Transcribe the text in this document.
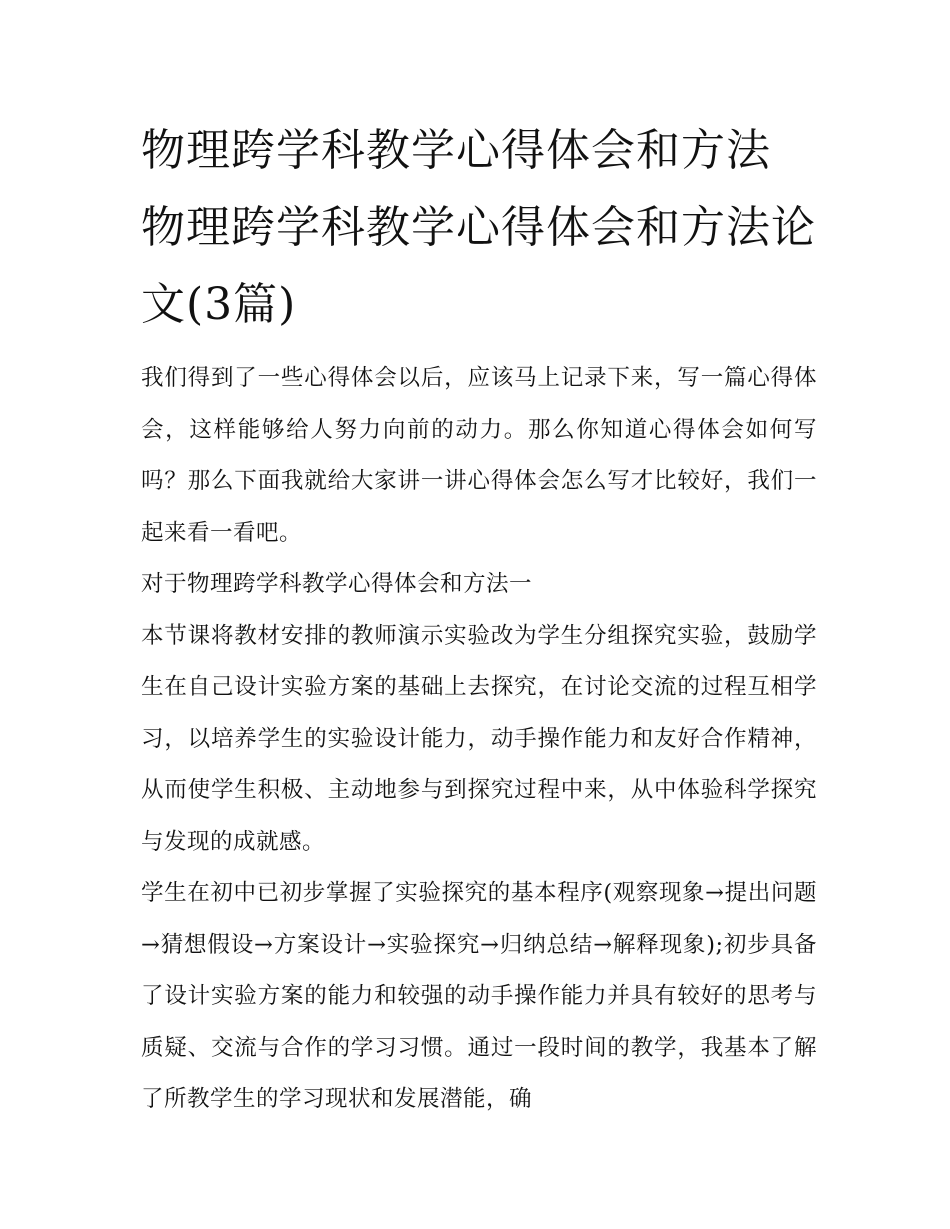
物理跨学科教学心得体会和方法 物理跨学科教学心得体会和方法论文(3篇)

我们得到了一些心得体会以后，应该马上记录下来，写一篇心得体会，这样能够给人努力向前的动力。那么你知道心得体会如何写吗？那么下面我就给大家讲一讲心得体会怎么写才比较好，我们一起来看一看吧。

对于物理跨学科教学心得体会和方法一

本节课将教材安排的教师演示实验改为学生分组探究实验，鼓励学生在自己设计实验方案的基础上去探究，在讨论交流的过程互相学习，以培养学生的实验设计能力，动手操作能力和友好合作精神，从而使学生积极、主动地参与到探究过程中来，从中体验科学探究与发现的成就感。

学生在初中已初步掌握了实验探究的基本程序(观察现象→提出问题→猜想假设→方案设计→实验探究→归纳总结→解释现象);初步具备了设计实验方案的能力和较强的动手操作能力并具有较好的思考与质疑、交流与合作的学习习惯。通过一段时间的教学，我基本了解了所教学生的学习现状和发展潜能，确
